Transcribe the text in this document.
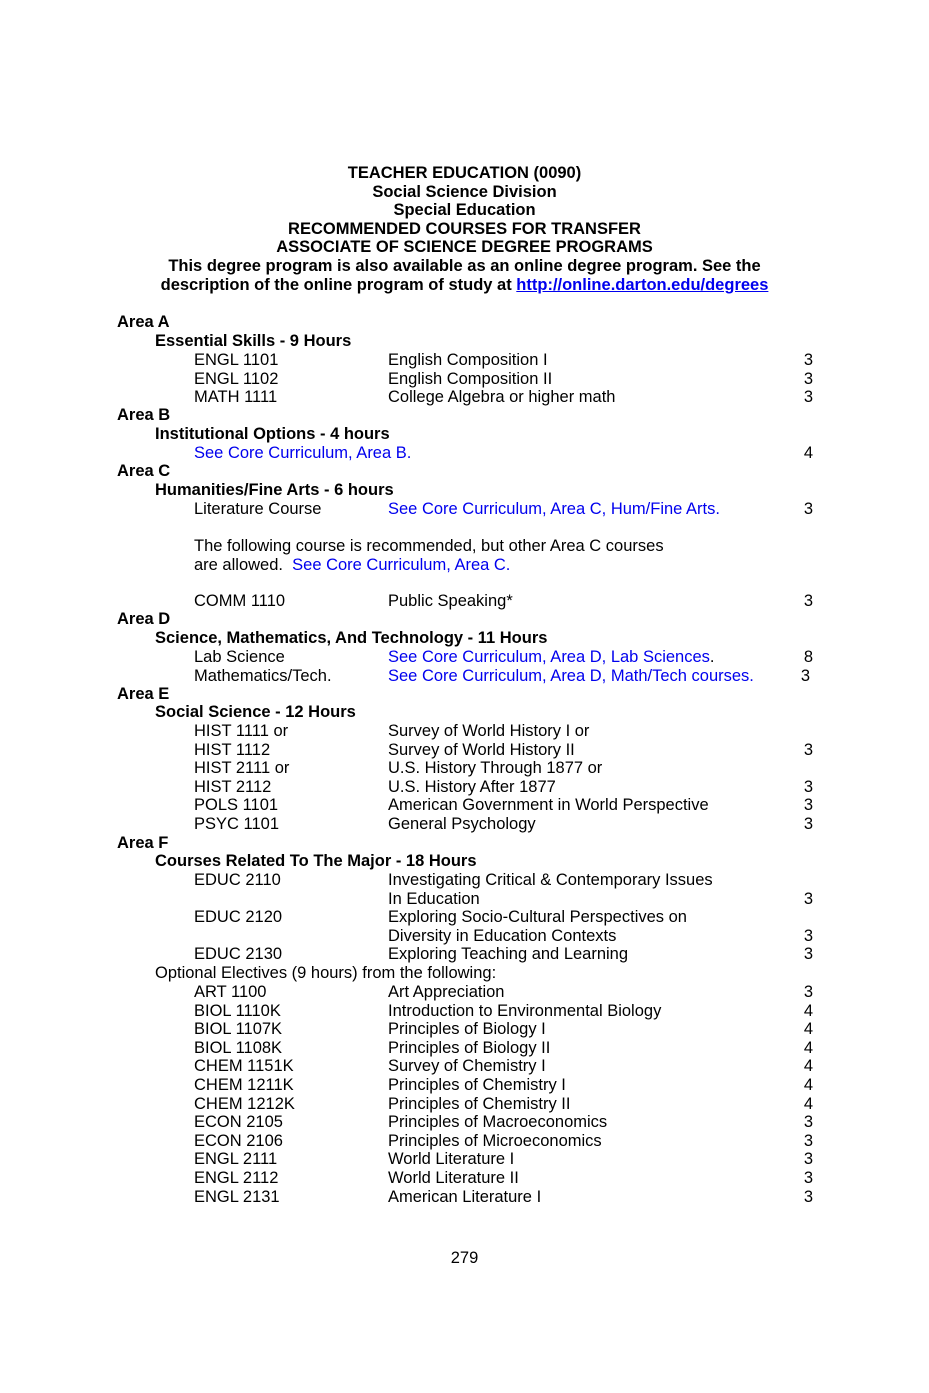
TEACHER EDUCATION (0090)
Social Science Division
Special Education
RECOMMENDED COURSES FOR TRANSFER
ASSOCIATE OF SCIENCE DEGREE PROGRAMS
This degree program is also available as an online degree program. See the
description of the online program of study at http://online.darton.edu/degrees
Area A
Essential Skills - 9 Hours
ENGL 1101	English Composition I	3
ENGL 1102	English Composition II	3
MATH 1111	College Algebra or higher math	3
Area B
Institutional Options - 4 hours
See Core Curriculum, Area B.	4
Area C
Humanities/Fine Arts - 6 hours
Literature Course	See Core Curriculum, Area C, Hum/Fine Arts.	3
The following course is recommended, but other Area C courses
are allowed.  See Core Curriculum, Area C.
COMM 1110	Public Speaking*	3
Area D
Science, Mathematics, And Technology - 11 Hours
Lab Science	See Core Curriculum, Area D, Lab Sciences.	8
Mathematics/Tech.	See Core Curriculum, Area D, Math/Tech courses.	3
Area E
Social Science - 12 Hours
HIST 1111 or	Survey of World History I or
HIST 1112	Survey of World History II	3
HIST 2111 or	U.S. History Through 1877 or
HIST 2112	U.S. History After 1877	3
POLS 1101	American Government in World Perspective	3
PSYC 1101	General Psychology	3
Area F
Courses Related To The Major - 18 Hours
EDUC 2110	Investigating Critical & Contemporary Issues
In Education	3
EDUC 2120	Exploring Socio-Cultural Perspectives on
Diversity in Education Contexts	3
EDUC 2130	Exploring Teaching and Learning	3
Optional Electives (9 hours) from the following:
ART 1100	Art Appreciation	3
BIOL 1110K	Introduction to Environmental Biology	4
BIOL 1107K	Principles of Biology I	4
BIOL 1108K	Principles of Biology II	4
CHEM 1151K	Survey of Chemistry I	4
CHEM 1211K	Principles of Chemistry I	4
CHEM 1212K	Principles of Chemistry II	4
ECON 2105	Principles of Macroeconomics	3
ECON 2106	Principles of Microeconomics	3
ENGL 2111	World Literature I	3
ENGL 2112	World Literature II	3
ENGL 2131	American Literature I	3
279
